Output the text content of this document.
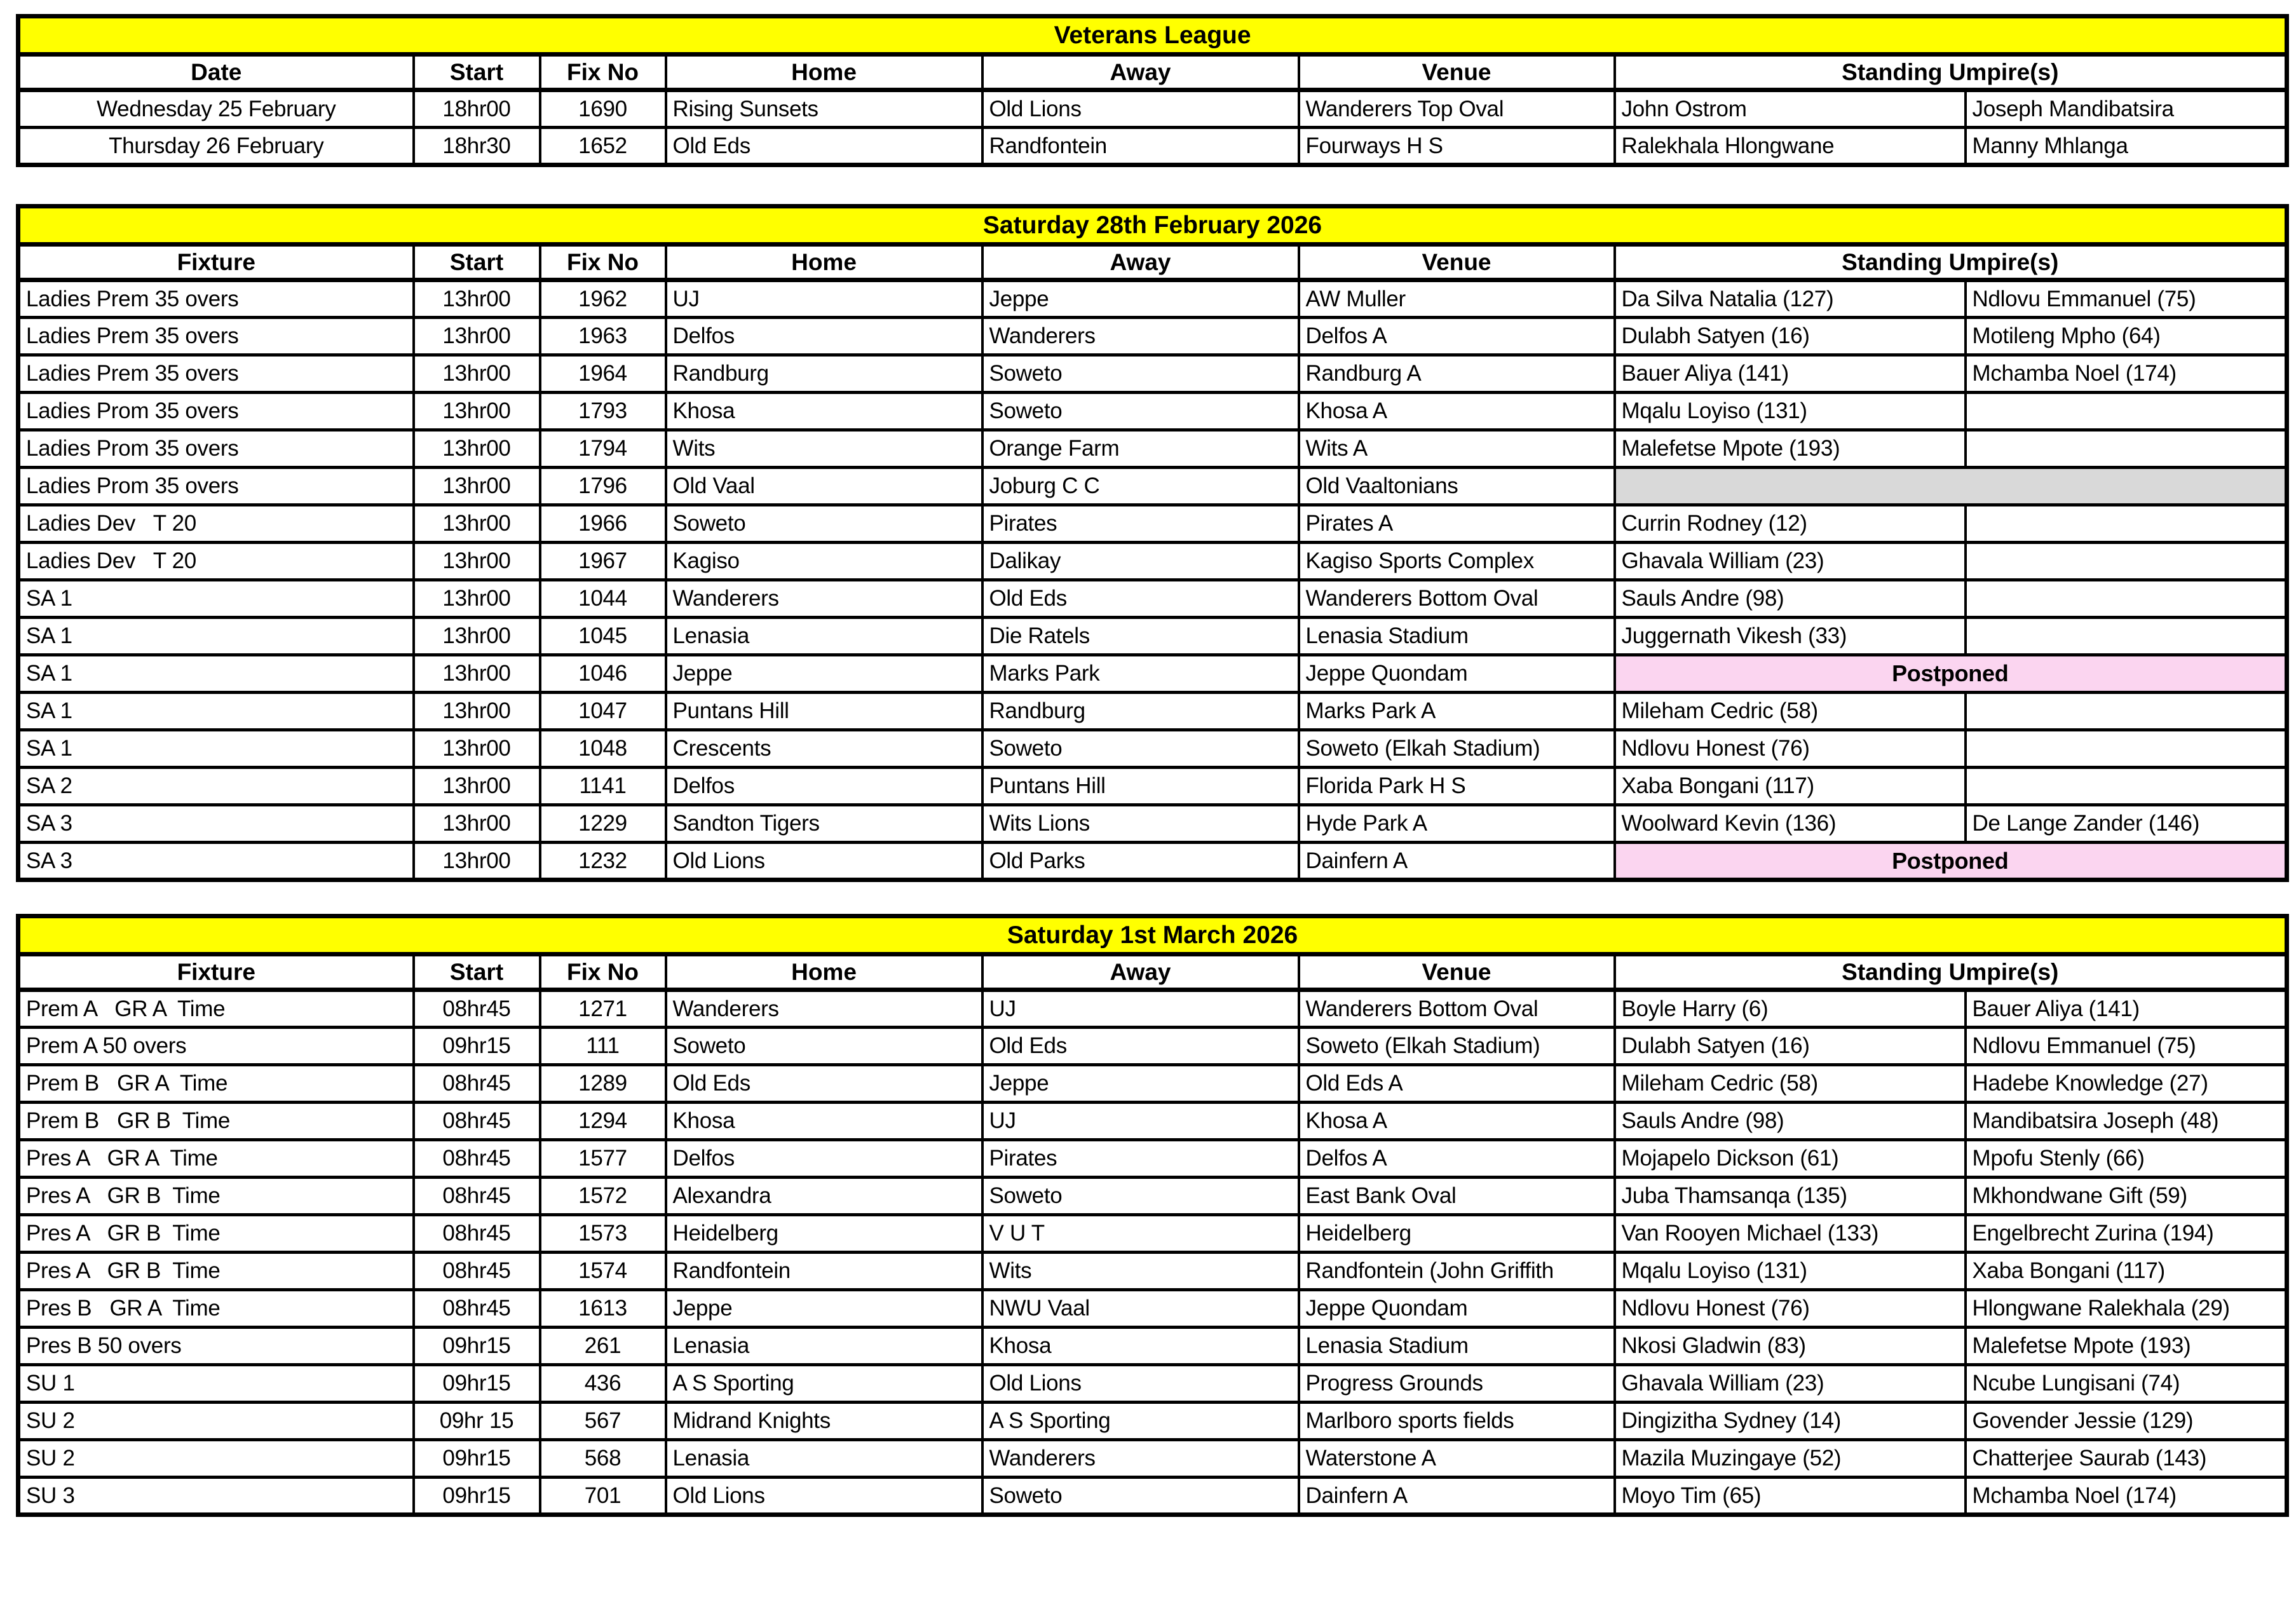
Veterans League							
Date	Start	Fix No	Home	Away	Venue	Standing Umpire(s)	
Wednesday 25 February	18hr00	1690	Rising Sunsets	Old Lions	Wanderers Top Oval	John Ostrom	Joseph Mandibatsira
Thursday 26 February	18hr30	1652	Old Eds	Randfontein	Fourways H S	Ralekhala Hlongwane	Manny Mhlanga
Saturday 28th February 2026							
Fixture	Start	Fix No	Home	Away	Venue	Standing Umpire(s)	
Ladies Prem 35 overs	13hr00	1962	UJ	Jeppe	AW Muller	Da Silva Natalia (127)	Ndlovu Emmanuel (75)
Ladies Prem 35 overs	13hr00	1963	Delfos	Wanderers	Delfos A	Dulabh Satyen (16)	Motileng Mpho (64)
Ladies Prem 35 overs	13hr00	1964	Randburg	Soweto	Randburg A	Bauer Aliya (141)	Mchamba Noel (174)
Ladies Prom 35 overs	13hr00	1793	Khosa	Soweto	Khosa A	Mqalu Loyiso (131)	
Ladies Prom 35 overs	13hr00	1794	Wits	Orange Farm	Wits A	Malefetse Mpote (193)	
Ladies Prom 35 overs	13hr00	1796	Old Vaal	Joburg C C	Old Vaaltonians		
Ladies Dev   T 20	13hr00	1966	Soweto	Pirates	Pirates A	Currin Rodney (12)	
Ladies Dev   T 20	13hr00	1967	Kagiso	Dalikay	Kagiso Sports Complex	Ghavala William (23)	
SA 1	13hr00	1044	Wanderers	Old Eds	Wanderers Bottom Oval	Sauls Andre (98)	
SA 1	13hr00	1045	Lenasia	Die Ratels	Lenasia Stadium	Juggernath Vikesh (33)	
SA 1	13hr00	1046	Jeppe	Marks Park	Jeppe Quondam	Postponed	
SA 1	13hr00	1047	Puntans Hill	Randburg	Marks Park A	Mileham Cedric (58)	
SA 1	13hr00	1048	Crescents	Soweto	Soweto (Elkah Stadium)	Ndlovu Honest (76)	
SA 2	13hr00	1141	Delfos	Puntans Hill	Florida Park H S	Xaba Bongani (117)	
SA 3	13hr00	1229	Sandton Tigers	Wits Lions	Hyde Park A	Woolward Kevin (136)	De Lange Zander (146)
SA 3	13hr00	1232	Old Lions	Old Parks	Dainfern A	Postponed	
Saturday 1st March 2026							
Fixture	Start	Fix No	Home	Away	Venue	Standing Umpire(s)	
Prem A   GR A  Time	08hr45	1271	Wanderers	UJ	Wanderers Bottom Oval	Boyle Harry (6)	Bauer Aliya (141)
Prem A 50 overs	09hr15	111	Soweto	Old Eds	Soweto (Elkah Stadium)	Dulabh Satyen (16)	Ndlovu Emmanuel (75)
Prem B   GR A  Time	08hr45	1289	Old Eds	Jeppe	Old Eds A	Mileham Cedric (58)	Hadebe Knowledge (27)
Prem B   GR B  Time	08hr45	1294	Khosa	UJ	Khosa A	Sauls Andre (98)	Mandibatsira Joseph (48)
Pres A   GR A  Time	08hr45	1577	Delfos	Pirates	Delfos A	Mojapelo Dickson (61)	Mpofu Stenly (66)
Pres A   GR B  Time	08hr45	1572	Alexandra	Soweto	East Bank Oval	Juba Thamsanqa (135)	Mkhondwane Gift (59)
Pres A   GR B  Time	08hr45	1573	Heidelberg	V U T	Heidelberg	Van Rooyen Michael (133)	Engelbrecht Zurina (194)
Pres A   GR B  Time	08hr45	1574	Randfontein	Wits	Randfontein (John Griffith	Mqalu Loyiso (131)	Xaba Bongani (117)
Pres B   GR A  Time	08hr45	1613	Jeppe	NWU Vaal	Jeppe Quondam	Ndlovu Honest (76)	Hlongwane Ralekhala (29)
Pres B 50 overs	09hr15	261	Lenasia	Khosa	Lenasia Stadium	Nkosi Gladwin (83)	Malefetse Mpote (193)
SU 1	09hr15	436	A S Sporting	Old Lions	Progress Grounds	Ghavala William (23)	Ncube Lungisani (74)
SU 2	09hr 15	567	Midrand Knights	A S Sporting	Marlboro sports fields	Dingizitha Sydney (14)	Govender Jessie (129)
SU 2	09hr15	568	Lenasia	Wanderers	Waterstone A	Mazila Muzingaye (52)	Chatterjee Saurab (143)
SU 3	09hr15	701	Old Lions	Soweto	Dainfern A	Moyo Tim (65)	Mchamba Noel (174)
